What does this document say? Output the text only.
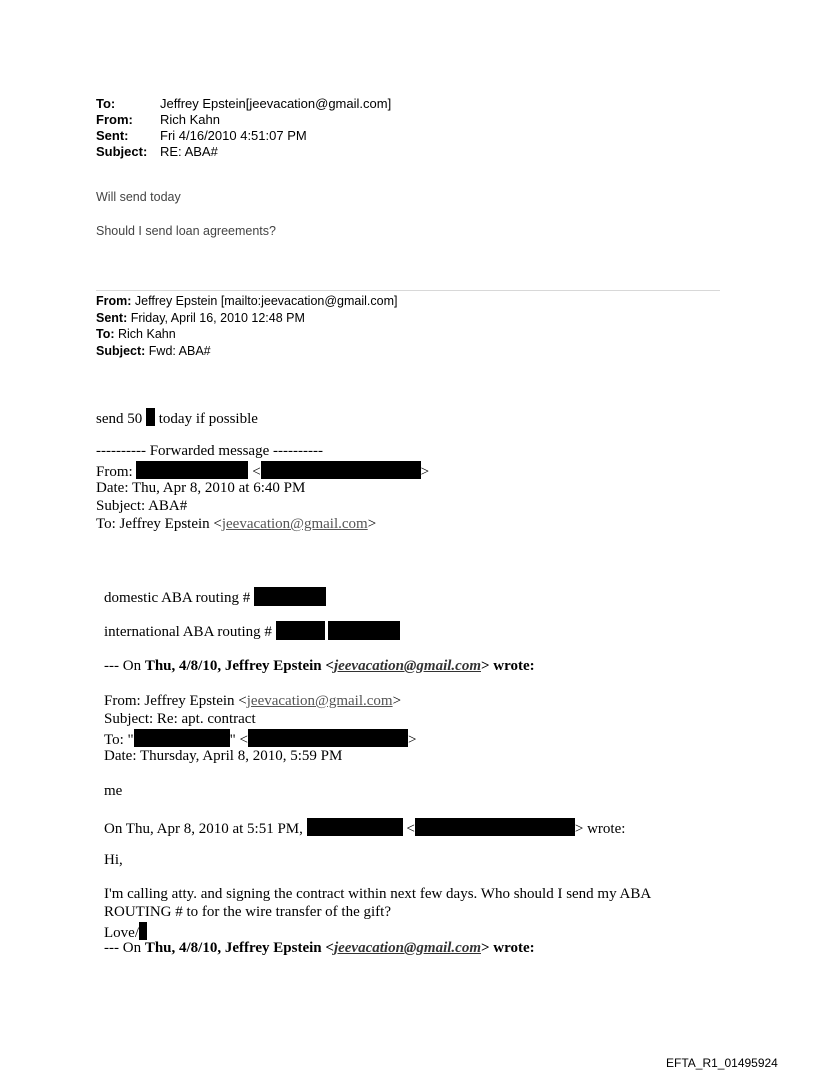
To:	Jeffrey Epstein[jeevacation@gmail.com]
From: Rich Kahn
Sent: Fri 4/16/2010 4:51:07 PM
Subject: RE: ABA#
Will send today
Should I send loan agreements?
From: Jeffrey Epstein [mailto:jeevacation@gmail.com]
Sent: Friday, April 16, 2010 12:48 PM
To: Rich Kahn
Subject: Fwd: ABA#
send 50 today if possible
---------- Forwarded message ----------
From:	<	>
Date: Thu, Apr 8, 2010 at 6:40 PM
Subject: ABA#
To: Jeffrey Epstein <jeevacation@gmail.com>
domestic ABA routing #
international ABA routing #
--- On Thu, 4/8/10, Jeffrey Epstein <jeevacation@gmail.com> wrote:
From: Jeffrey Epstein <jeevacation@gmail.com>
Subject: Re: apt. contract
To: "	" <	>
Date: Thursday, April 8, 2010, 5:59 PM
me
On Thu, Apr 8, 2010 at 5:51 PM,	<	> wrote:
Hi,
I'm calling atty. and signing the contract within next few days. Who should I send my ABA
ROUTING # to for the wire transfer of the gift?
Love/
--- On Thu, 4/8/10, Jeffrey Epstein <jeevacation@gmail.com> wrote:
EFTA_R1_01495924
